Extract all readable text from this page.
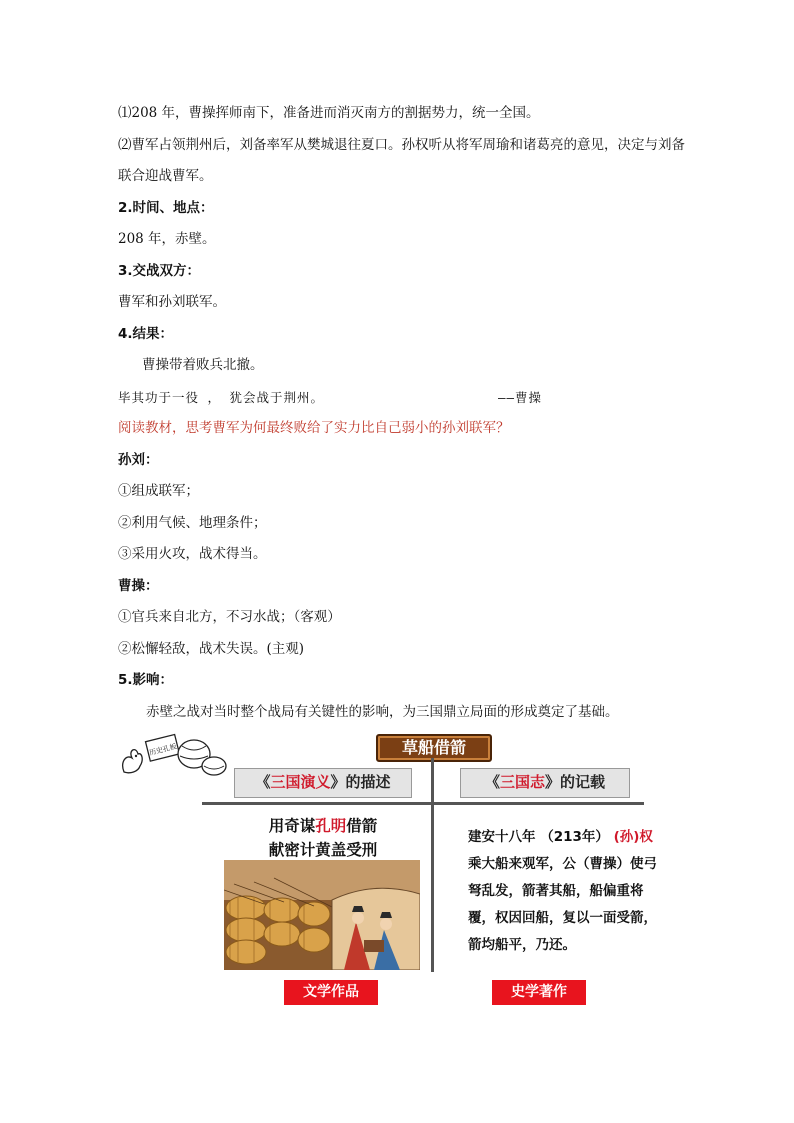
⑴208 年，曹操挥师南下，准备进而消灭南方的割据势力，统一全国。
⑵曹军占领荆州后，刘备率军从樊城退往夏口。孙权听从将军周瑜和诸葛亮的意见，决定与刘备联合迎战曹军。
2.时间、地点：
208 年，赤壁。
3.交战双方：
曹军和孙刘联军。
4.结果：
曹操带着败兵北撤。
毕其功于一役 ， 犹会战于荆州。	——曹操
阅读教材，思考曹军为何最终败给了实力比自己弱小的孙刘联军？
孙刘：
①组成联军；
②利用气候、地理条件；
③采用火攻，战术得当。
曹操：
①官兵来自北方，不习水战；（客观）
②松懈轻敌，战术失误。(主观)
5.影响：
赤壁之战对当时整个战局有关键性的影响，为三国鼎立局面的形成奠定了基础。
历史孔板	草船借箭
《三国演义》的描述	《三国志》的记载
用奇谋孔明借箭
献密计黄盖受刑
建安十八年 （213年） (孙)权乘大船来观军，公（曹操）使弓弩乱发，箭著其船，船偏重将覆，权因回船，复以一面受箭，箭均船平，乃还。
文学作品	史学著作
